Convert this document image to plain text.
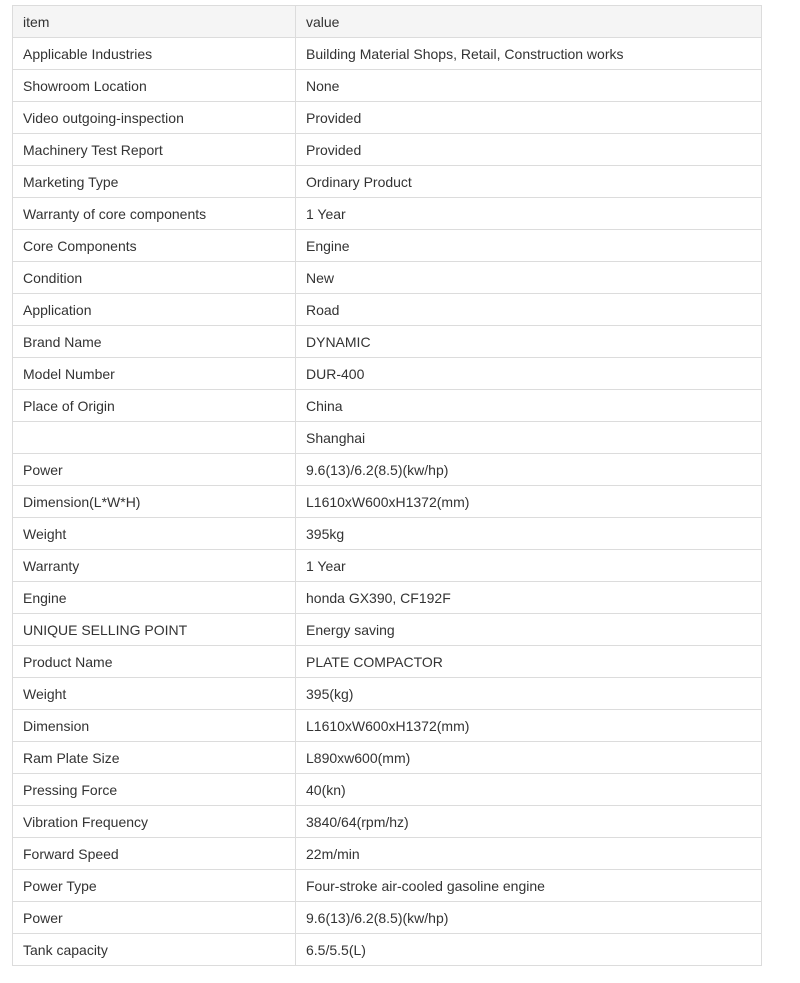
item	value
Applicable Industries	Building Material Shops, Retail, Construction works
Showroom Location	None
Video outgoing-inspection	Provided
Machinery Test Report	Provided
Marketing Type	Ordinary Product
Warranty of core components	1 Year
Core Components	Engine
Condition	New
Application	Road
Brand Name	DYNAMIC
Model Number	DUR-400
Place of Origin	China
	Shanghai
Power	9.6(13)/6.2(8.5)(kw/hp)
Dimension(L*W*H)	L1610xW600xH1372(mm)
Weight	395kg
Warranty	1 Year
Engine	honda GX390, CF192F
UNIQUE SELLING POINT	Energy saving
Product Name	PLATE COMPACTOR
Weight	395(kg)
Dimension	L1610xW600xH1372(mm)
Ram Plate Size	L890xw600(mm)
Pressing Force	40(kn)
Vibration Frequency	3840/64(rpm/hz)
Forward Speed	22m/min
Power Type	Four-stroke air-cooled gasoline engine
Power	9.6(13)/6.2(8.5)(kw/hp)
Tank capacity	6.5/5.5(L)
